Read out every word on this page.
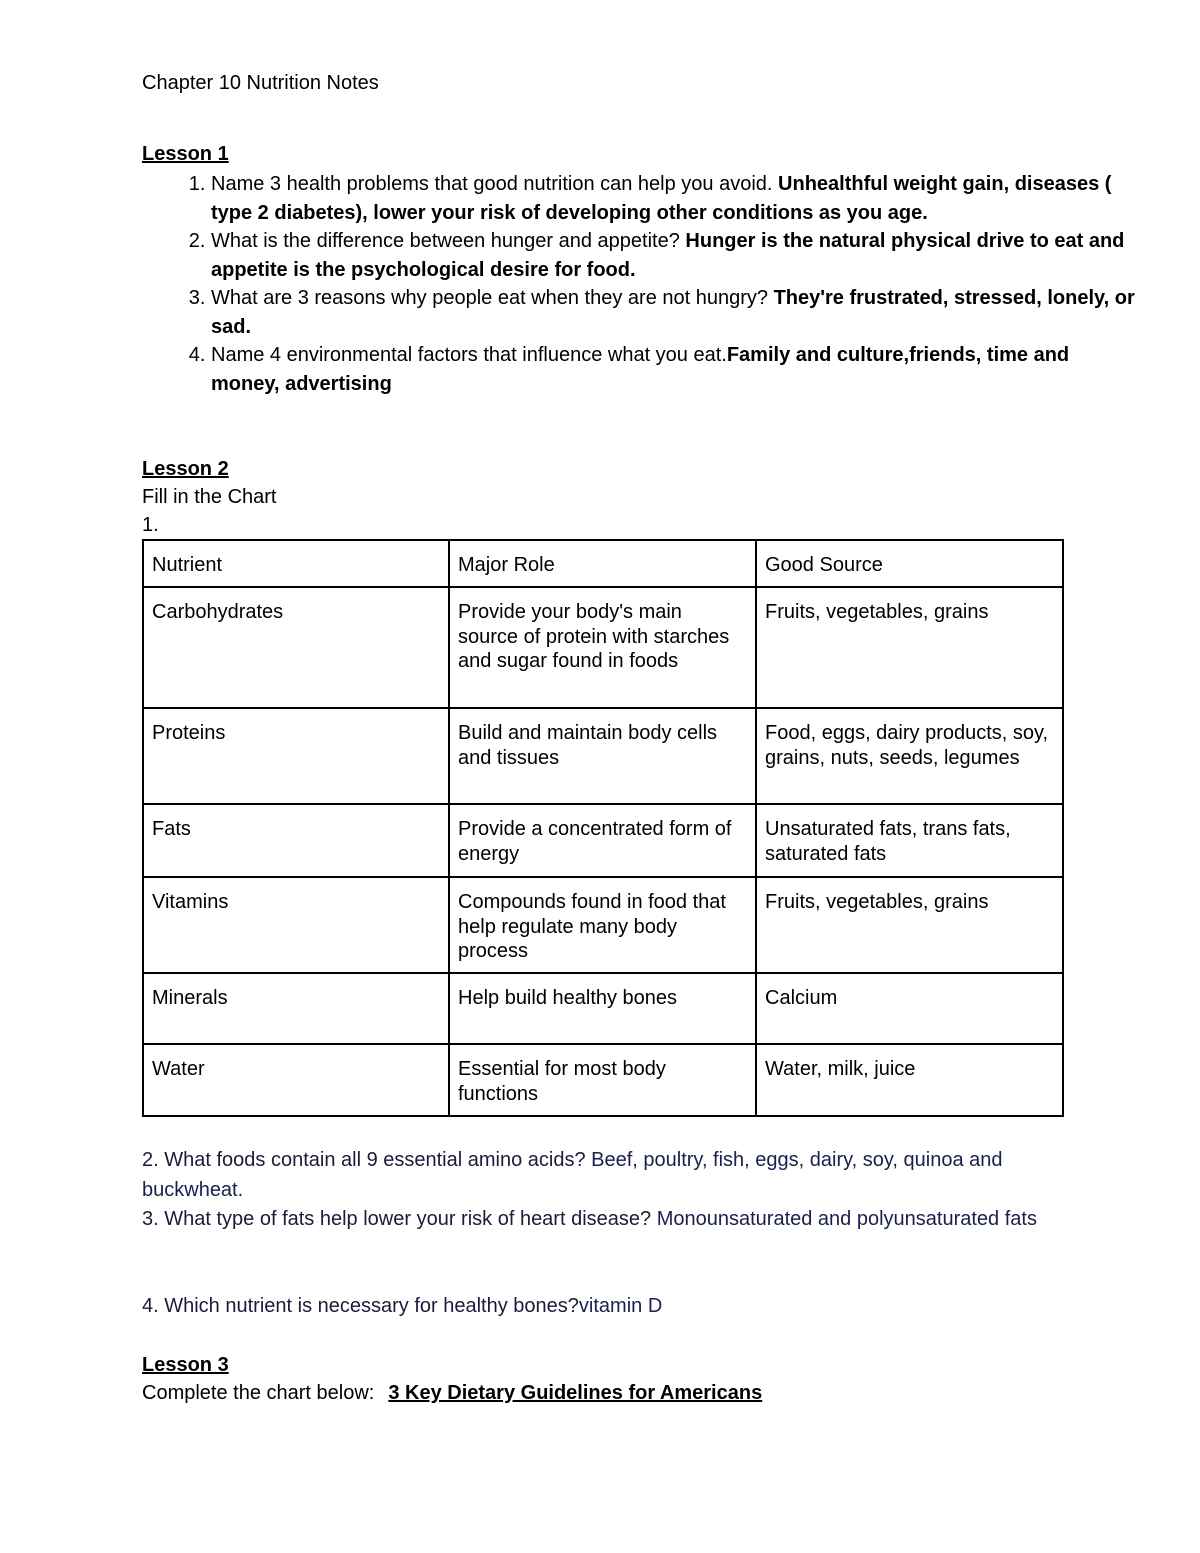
Chapter 10 Nutrition Notes
Lesson 1
1. Name 3 health problems that good nutrition can help you avoid. Unhealthful weight gain, diseases ( type 2 diabetes), lower your risk of developing other conditions as you age.
2. What is the difference between hunger and appetite? Hunger is the natural physical drive to eat and appetite is the psychological desire for food.
3. What are 3 reasons why people eat when they are not hungry? They're frustrated, stressed, lonely, or sad.
4. Name 4 environmental factors that influence what you eat.Family and culture,friends, time and money, advertising
Lesson 2
Fill in the Chart
1.
Nutrient	Major Role	Good Source
Carbohydrates	Provide your body's main source of protein with starches and sugar found in foods	Fruits, vegetables, grains
Proteins	Build and maintain body cells and tissues	Food, eggs, dairy products, soy, grains, nuts, seeds, legumes
Fats	Provide a concentrated form of energy	Unsaturated fats, trans fats, saturated fats
Vitamins	Compounds found in food that help regulate many body process	Fruits, vegetables, grains
Minerals	Help build healthy bones	Calcium
Water	Essential for most body functions	Water, milk, juice
2. What foods contain all 9 essential amino acids? Beef, poultry, fish, eggs, dairy, soy, quinoa and buckwheat.
3. What type of fats help lower your risk of heart disease? Monounsaturated and polyunsaturated fats
4. Which nutrient is necessary for healthy bones?vitamin D
Lesson 3
Complete the chart below: 3 Key Dietary Guidelines for Americans
